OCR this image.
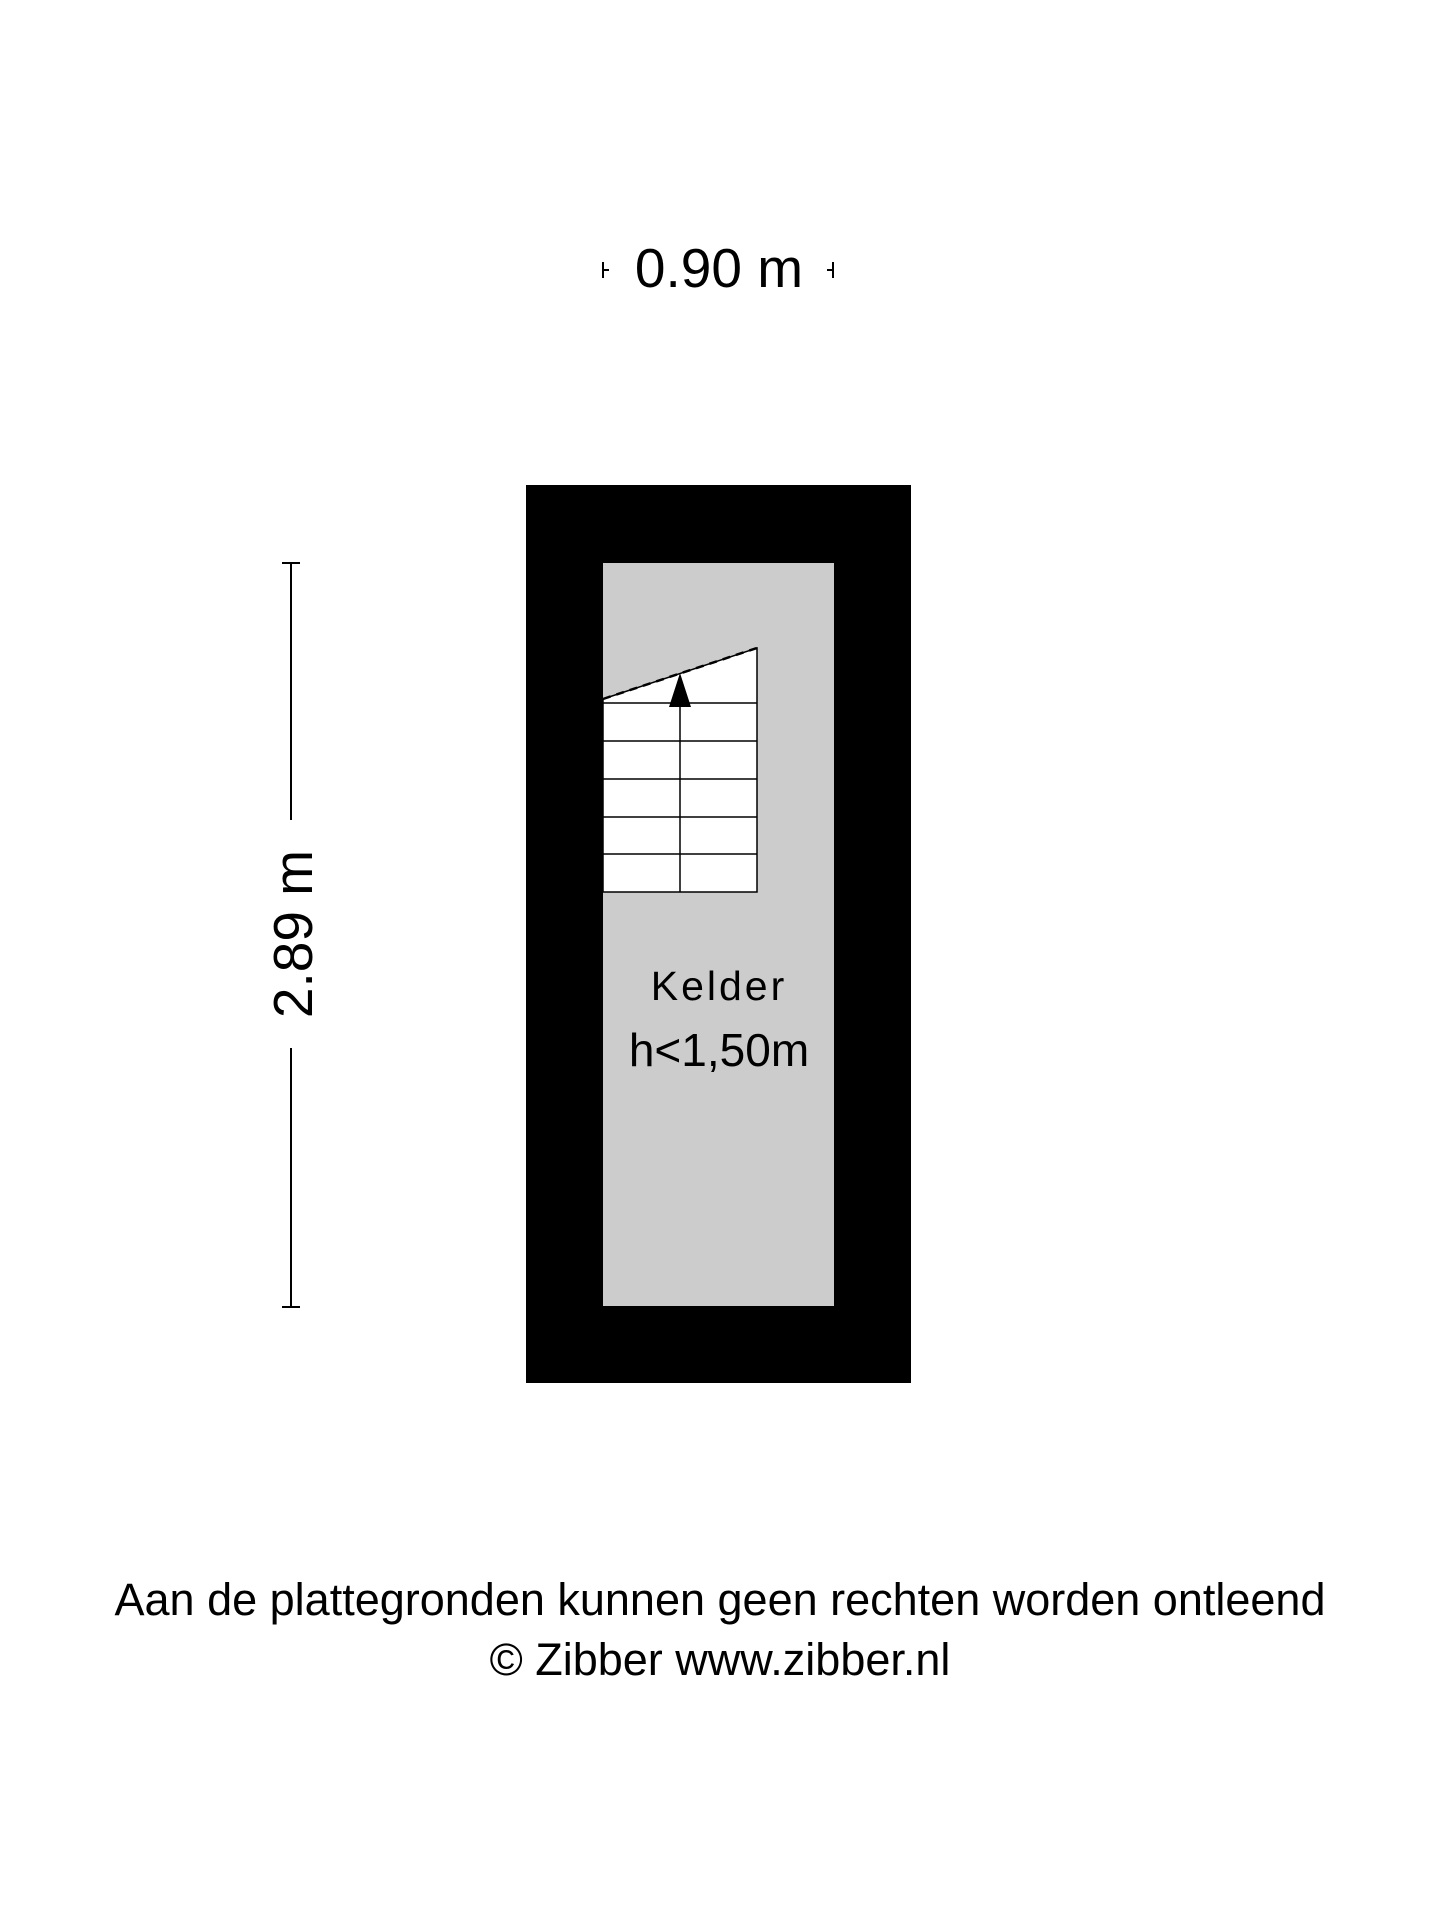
0.90 m
2.89 m	Kelder
h<1,50m
Aan de plattegronden kunnen geen rechten worden ontleend
© Zibber www.zibber.nl
